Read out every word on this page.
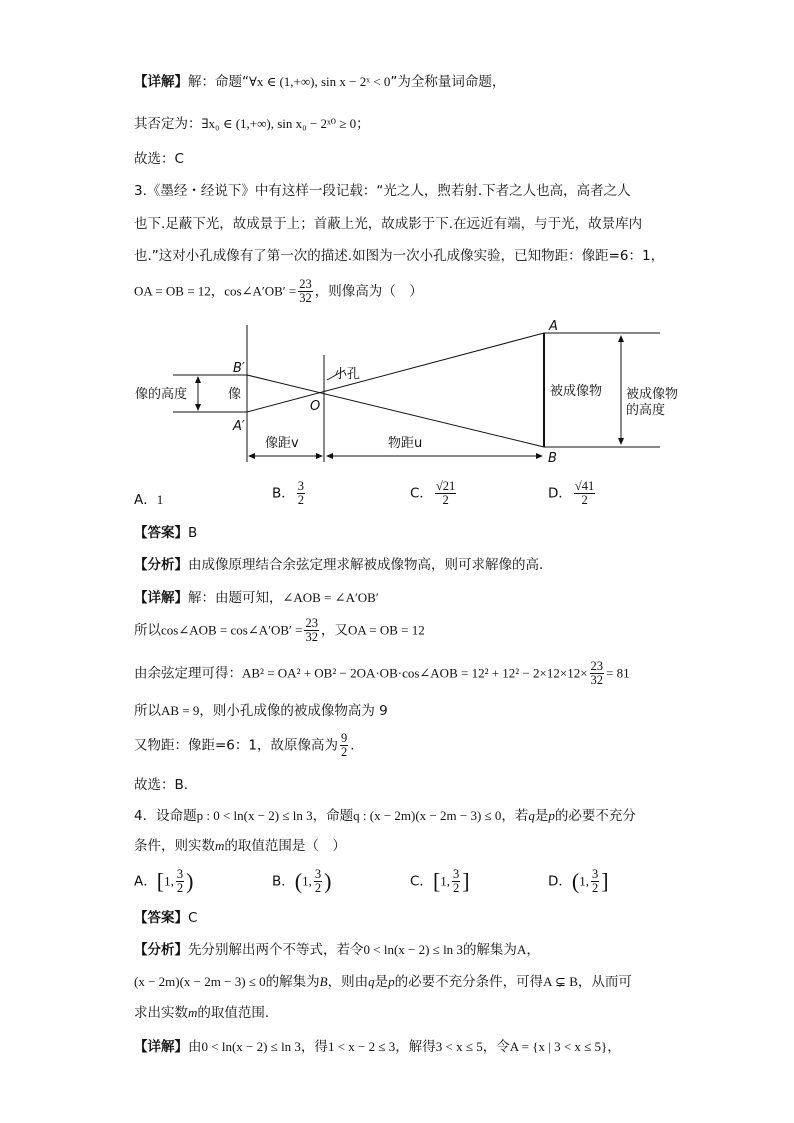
【详解】解：命题“∀x ∈ (1,+∞), sin x − 2ˣ < 0”为全称量词命题，
其否定为：∃x₀ ∈ (1,+∞), sin x₀ − 2ˣ⁰ ≥ 0；
故选：C
3.《墨经・经说下》中有这样一段记载：“光之人，煦若射.下者之人也高，高者之人
也下.足蔽下光，故成景于上；首蔽上光，故成影于下.在远近有端，与于光，故景库内
也.”这对小孔成像有了第一次的描述.如图为一次小孔成像实验，已知物距：像距=6：1，
OA = OB = 12，cos∠A′OB′ = $\frac{23}{32}$ ，则像高为（　）
A
B
B′
A′
O
像的高度	像
小孔
被成像物 被成像物
的高度
像距v	物距u
A．1	B． $\frac{3}{2}$	C． $\frac{√21}{2}$	D． $\frac{√41}{2}$
【答案】B
【分析】由成像原理结合余弦定理求解被成像物高，则可求解像的高.
【详解】解：由题可知，∠AOB = ∠A′OB′
所以cos∠AOB = cos∠A′OB′ = $\frac{23}{32}$ ，又OA = OB = 12
由余弦定理可得：AB² = OA² + OB² − 2OA·OB·cos∠AOB = $12^2 + 12^2 - 2\times 12\times 12\times \frac{23}{32} = 81$
所以AB = 9，则小孔成像的被成像物高为 9
又物距：像距=6：1，故原像高为 $\frac{9}{2}$ .
故选：B.
4．设命题p : 0 < ln(x − 2) ≤ ln 3，命题q : (x − 2m)(x − 2m − 3) ≤ 0，若q是p的必要不充分
条件，则实数m的取值范围是（　）
A．[1, $\frac{3}{2}$ )	B．(1, $\frac{3}{2}$ )	C．[1, $\frac{3}{2}$ ]	D．(1, $\frac{3}{2}$ ]
【答案】C
【分析】先分别解出两个不等式，若令0 < ln(x − 2) ≤ ln 3的解集为A，
(x − 2m)(x − 2m − 3) ≤ 0的解集为B，则由q是p的必要不充分条件，可得A ⊊ B，从而可
求出实数m的取值范围.
【详解】由0 < ln(x − 2) ≤ ln 3，得1 < x − 2 ≤ 3，解得3 < x ≤ 5，令A = {x | 3 < x ≤ 5}，
